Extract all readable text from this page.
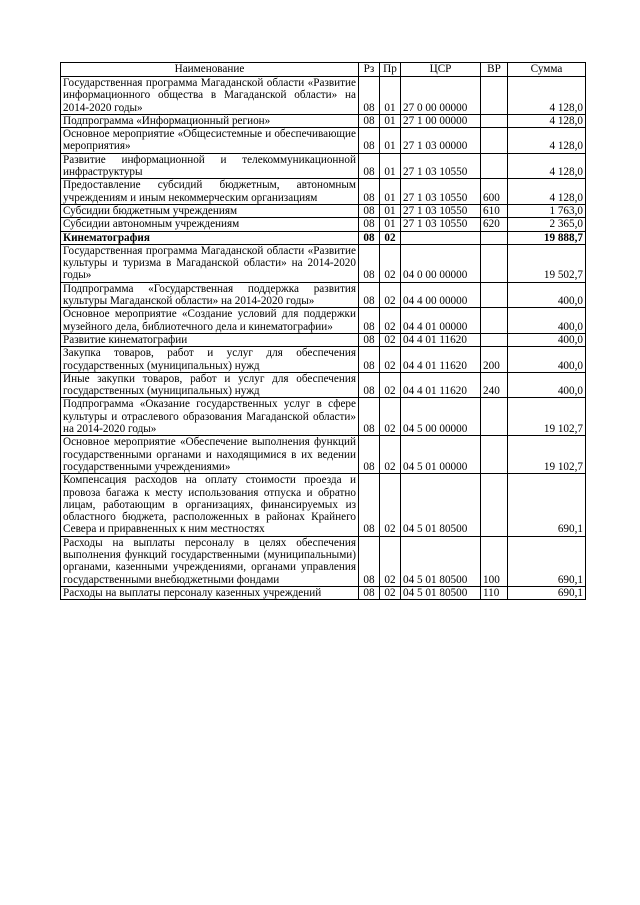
Наименование	Рз	Пр	ЦСР	ВР	Сумма
Государственная программа Магаданской области «Развитие информационного общества в Магаданской области» на 2014-2020 годы»	08	01	27 0 00 00000		4 128,0
Подпрограмма «Информационный регион»	08	01	27 1 00 00000		4 128,0
Основное мероприятие «Общесистемные и обеспечивающие мероприятия»	08	01	27 1 03 00000		4 128,0
Развитие информационной и телекоммуникационной инфраструктуры	08	01	27 1 03 10550		4 128,0
Предоставление субсидий бюджетным, автономным учреждениям и иным некоммерческим организациям	08	01	27 1 03 10550	600	4 128,0
Субсидии бюджетным учреждениям	08	01	27 1 03 10550	610	1 763,0
Субсидии автономным учреждениям	08	01	27 1 03 10550	620	2 365,0
Кинематография	08	02			19 888,7
Государственная программа Магаданской области «Развитие культуры и туризма в Магаданской области» на 2014-2020 годы»	08	02	04 0 00 00000		19 502,7
Подпрограмма «Государственная поддержка развития культуры Магаданской области» на 2014-2020 годы»	08	02	04 4 00 00000		400,0
Основное мероприятие «Создание условий для поддержки музейного дела, библиотечного дела и кинематографии»	08	02	04 4 01 00000		400,0
Развитие кинематографии	08	02	04 4 01 11620		400,0
Закупка товаров, работ и услуг для обеспечения государственных (муниципальных) нужд	08	02	04 4 01 11620	200	400,0
Иные закупки товаров, работ и услуг для обеспечения государственных (муниципальных) нужд	08	02	04 4 01 11620	240	400,0
Подпрограмма «Оказание государственных услуг в сфере культуры и отраслевого образования Магаданской области» на 2014-2020 годы»	08	02	04 5 00 00000		19 102,7
Основное мероприятие «Обеспечение выполнения функций государственными органами и находящимися в их ведении государственными учреждениями»	08	02	04 5 01 00000		19 102,7
Компенсация расходов на оплату стоимости проезда и провоза багажа к месту использования отпуска и обратно лицам, работающим в организациях, финансируемых из областного бюджета, расположенных в районах Крайнего Севера и приравненных к ним местностях	08	02	04 5 01 80500		690,1
Расходы на выплаты персоналу в целях обеспечения выполнения функций государственными (муниципальными) органами, казенными учреждениями, органами управления государственными внебюджетными фондами	08	02	04 5 01 80500	100	690,1
Расходы на выплаты персоналу казенных учреждений	08	02	04 5 01 80500	110	690,1
